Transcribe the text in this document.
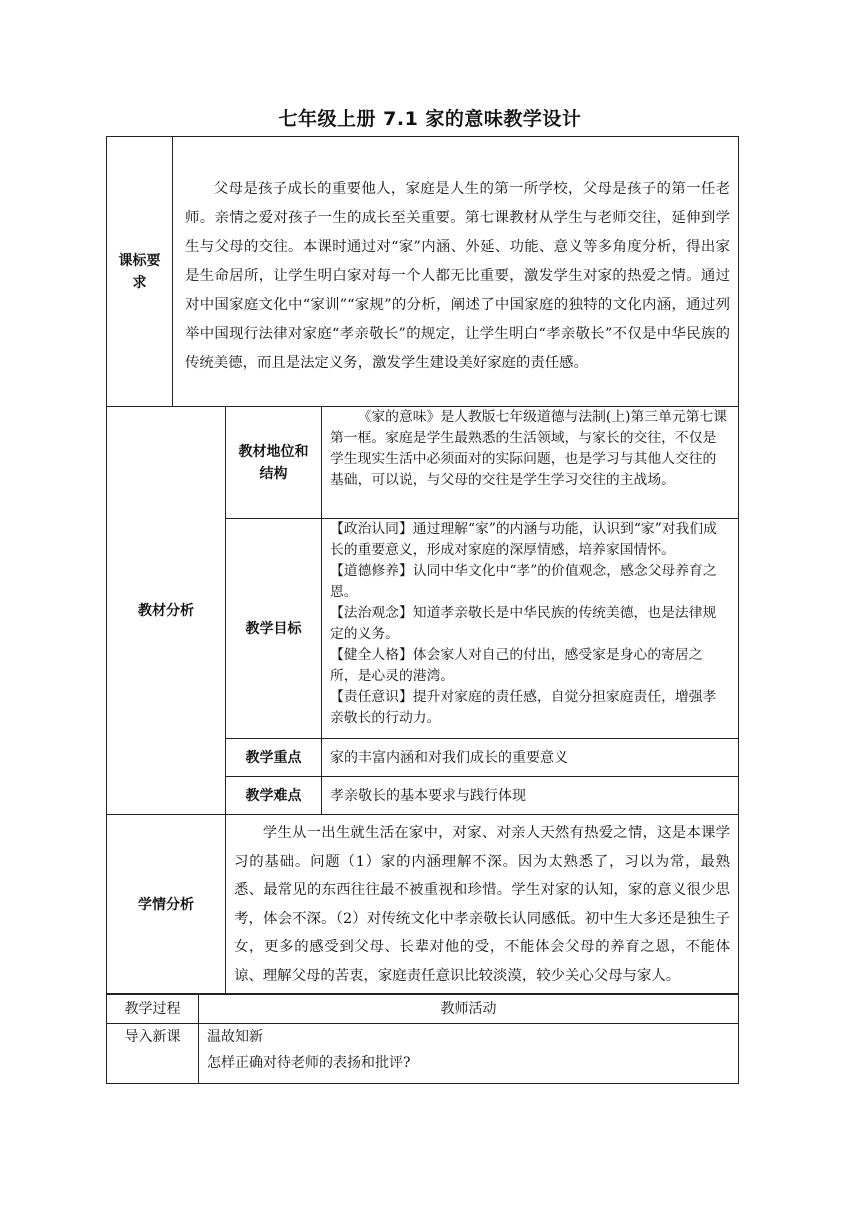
七年级上册 7.1 家的意味教学设计
课标要求	父母是孩子成长的重要他人，家庭是人生的第一所学校，父母是孩子的第一任老师。亲情之爱对孩子一生的成长至关重要。第七课教材从学生与老师交往，延伸到学生与父母的交往。本课时通过对“家”内涵、外延、功能、意义等多角度分析，得出家是生命居所，让学生明白家对每一个人都无比重要，激发学生对家的热爱之情。通过对中国家庭文化中“家训”“家规”的分析，阐述了中国家庭的独特的文化内涵，通过列举中国现行法律对家庭“孝亲敬长”的规定，让学生明白“孝亲敬长”不仅是中华民族的传统美德，而且是法定义务，激发学生建设美好家庭的责任感。
教材分析	教材地位和结构	《家的意味》是人教版七年级道德与法制(上)第三单元第七课第一框。家庭是学生最熟悉的生活领域，与家长的交往，不仅是学生现实生活中必须面对的实际问题，也是学习与其他人交往的基础，可以说，与父母的交往是学生学习交往的主战场。
	教学目标	【政治认同】通过理解“家”的内涵与功能，认识到“家”对我们成长的重要意义，形成对家庭的深厚情感，培养家国情怀。

【道德修养】认同中华文化中“孝”的价值观念，感念父母养育之恩。

【法治观念】知道孝亲敬长是中华民族的传统美德，也是法律规定的义务。

【健全人格】体会家人对自己的付出，感受家是身心的寄居之所，是心灵的港湾。

【责任意识】提升对家庭的责任感，自觉分担家庭责任，增强孝亲敬长的行动力。

	教学重点	家的丰富内涵和对我们成长的重要意义
	教学难点	孝亲敬长的基本要求与践行体现
学情分析	学生从一出生就生活在家中，对家、对亲人天然有热爱之情，这是本课学习的基础。问题（1）家的内涵理解不深。因为太熟悉了，习以为常，最熟悉、最常见的东西往往最不被重视和珍惜。学生对家的认知，家的意义很少思考，体会不深。（2）对传统文化中孝亲敬长认同感低。初中生大多还是独生子女，更多的感受到父母、长辈对他的受，不能体会父母的养育之恩，不能体谅、理解父母的苦衷，家庭责任意识比较淡漠，较少关心父母与家人。	
教学过程	教师活动
导入新课	温故知新
怎样正确对待老师的表扬和批评?
